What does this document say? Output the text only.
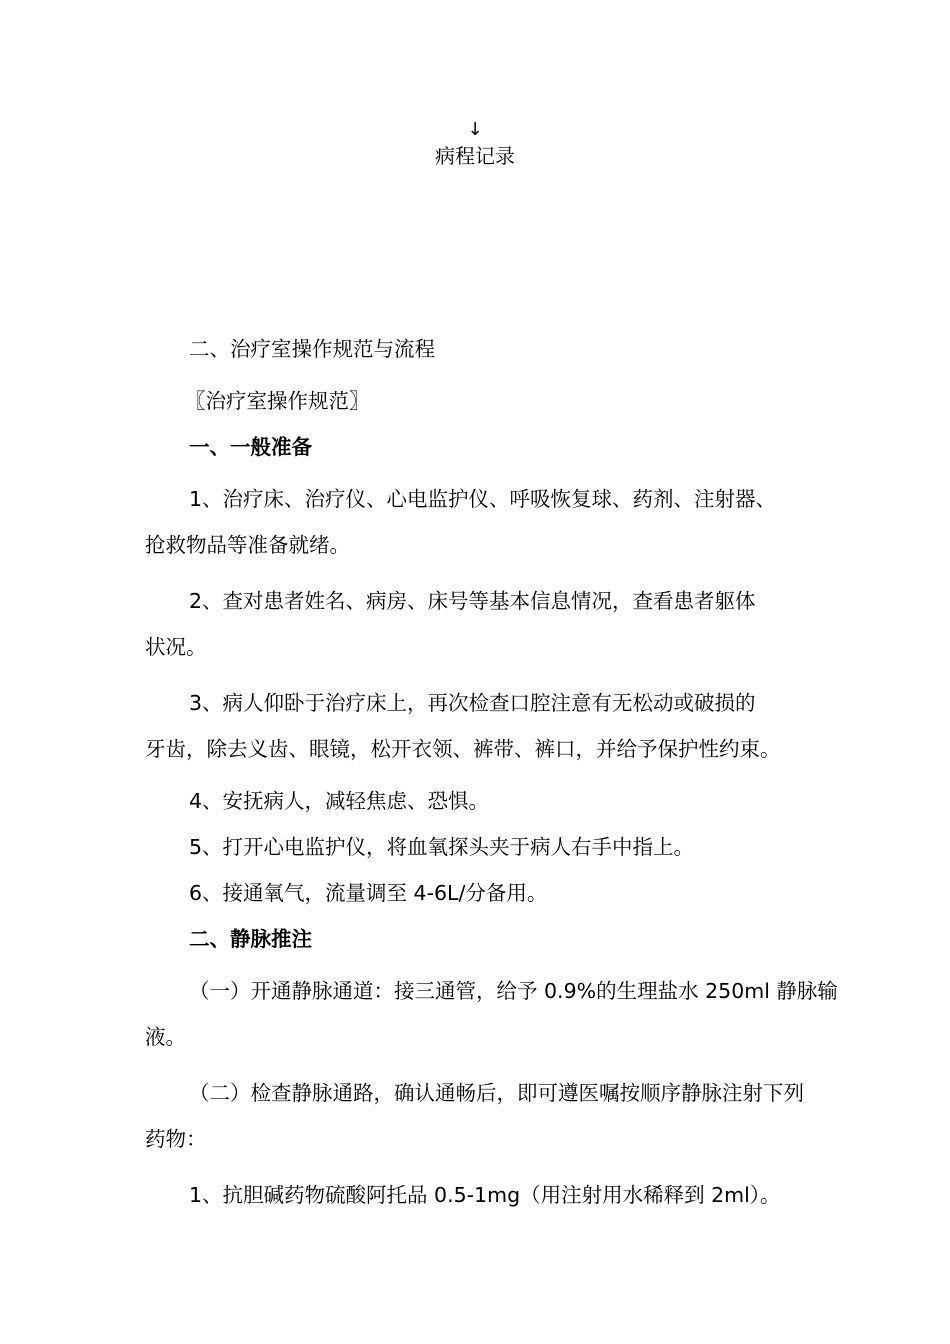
↓
病程记录
二、治疗室操作规范与流程
〖治疗室操作规范〗
一、一般准备
1、治疗床、治疗仪、心电监护仪、呼吸恢复球、药剂、注射器、
抢救物品等准备就绪。
2、查对患者姓名、病房、床号等基本信息情况，查看患者躯体
状况。
3、病人仰卧于治疗床上，再次检查口腔注意有无松动或破损的
牙齿，除去义齿、眼镜，松开衣领、裤带、裤口，并给予保护性约束。
4、安抚病人，减轻焦虑、恐惧。
5、打开心电监护仪，将血氧探头夹于病人右手中指上。
6、接通氧气，流量调至 4-6L/分备用。
二、静脉推注
（一）开通静脉通道：接三通管，给予 0.9%的生理盐水 250ml 静脉输
液。
（二）检查静脉通路，确认通畅后，即可遵医嘱按顺序静脉注射下列
药物：
1、抗胆碱药物硫酸阿托品 0.5-1mg（用注射用水稀释到 2ml）。
